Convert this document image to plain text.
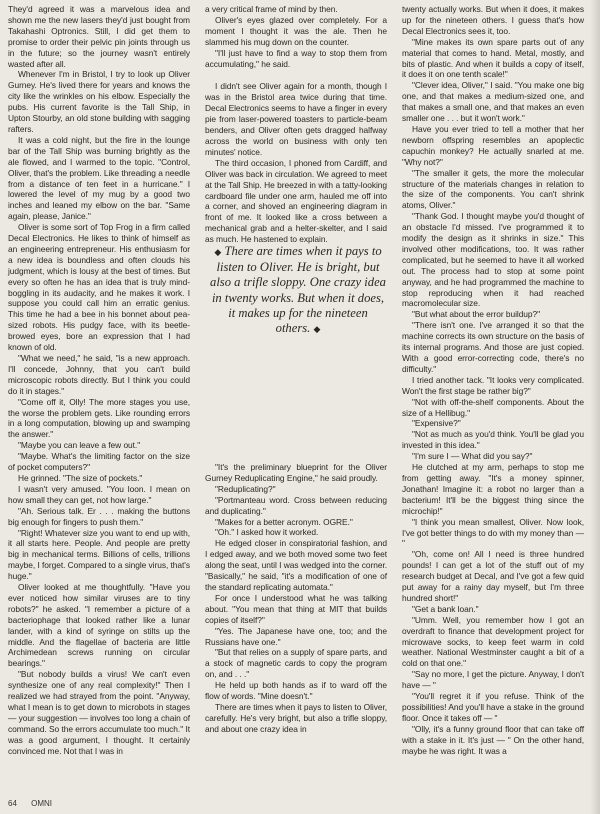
They'd agreed it was a marvelous idea and shown me the new lasers they'd just bought from Takahashi Optronics. Still, I did get them to promise to order their pelvic pin joints through us in the future; so the journey wasn't entirely wasted after all.

Whenever I'm in Bristol, I try to look up Oliver Gurney. He's lived there for years and knows the city like the wrinkles on his elbow. Especially the pubs. His current favorite is the Tall Ship, in Upton Stourby, an old stone building with sagging rafters.

It was a cold night, but the fire in the lounge bar of the Tall Ship was burning brightly as the ale flowed, and I warmed to the topic. "Control, Oliver, that's the problem. Like threading a needle from a distance of ten feet in a hurricane." I lowered the level of my mug by a good two inches and leaned my elbow on the bar. "Same again, please, Janice."

Oliver is some sort of Top Frog in a firm called Decal Electronics. He likes to think of himself as an engineering entrepreneur. His enthusiasm for a new idea is boundless and often clouds his judgment, which is lousy at the best of times. But every so often he has an idea that is truly mind-boggling in its audacity, and he makes it work. I suppose you could call him an erratic genius. This time he had a bee in his bonnet about pea-sized robots. His pudgy face, with its beetle-browed eyes, bore an expression that I had known of old.

"What we need," he said, "is a new approach. I'll concede, Johnny, that you can't build microscopic robots directly. But I think you could do it in stages."

"Come off it, Olly! The more stages you use, the worse the problem gets. Like rounding errors in a long computation, blowing up and swamping the answer."

"Maybe you can leave a few out."

"Maybe. What's the limiting factor on the size of pocket computers?"

He grinned. "The size of pockets."

I wasn't very amused. "You loon. I mean on how small they can get, not how large."

"Ah. Serious talk. Er . . . making the buttons big enough for fingers to push them."

"Right! Whatever size you want to end up with, it all starts here. People. And people are pretty big in mechanical terms. Billions of cells, trillions maybe, I forget. Compared to a single virus, that's huge."

Oliver looked at me thoughtfully. "Have you ever noticed how similar viruses are to tiny robots?" he asked. "I remember a picture of a bacteriophage that looked rather like a lunar lander, with a kind of syringe on stilts up the middle. And the flagellae of bacteria are little Archimedean screws running on circular bearings."

"But nobody builds a virus! We can't even synthesize one of any real complexity!" Then I realized we had strayed from the point. "Anyway, what I mean is to get down to microbots in stages — your suggestion — involves too long a chain of command. So the errors accumulate too much." It was a good argument, I thought. It certainly convinced me. Not that I was in

a very critical frame of mind by then.

Oliver's eyes glazed over completely. For a moment I thought it was the ale. Then he slammed his mug down on the counter.

"I'll just have to find a way to stop them from accumulating," he said.

I didn't see Oliver again for a month, though I was in the Bristol area twice during that time. Decal Electronics seems to have a finger in every pie from laser-powered toasters to particle-beam benders, and Oliver often gets dragged halfway across the world on business with only ten minutes' notice.

The third occasion, I phoned from Cardiff, and Oliver was back in circulation. We agreed to meet at the Tall Ship. He breezed in with a tatty-looking cardboard file under one arm, hauled me off into a corner, and shoved an engineering diagram in front of me. It looked like a cross between a mechanical grab and a helter-skelter, and I said as much. He hastened to explain.

◆ There are times when it pays to listen to Oliver. He is bright, but also a trifle sloppy. One crazy idea in twenty works. But when it does, it makes up for the nineteen others. ◆

"It's the preliminary blueprint for the Oliver Gurney Reduplicating Engine," he said proudly.

"Reduplicating?"

"Portmanteau word. Cross between reducing and duplicating."

"Makes for a better acronym. OGRE."

"Oh." I asked how it worked.

He edged closer in conspiratorial fashion, and I edged away, and we both moved some two feet along the seat, until I was wedged into the corner. "Basically," he said, "it's a modification of one of the standard replicating automata."

For once I understood what he was talking about. "You mean that thing at MIT that builds copies of itself?"

"Yes. The Japanese have one, too; and the Russians have one."

"But that relies on a supply of spare parts, and a stock of magnetic cards to copy the program on, and . . ."

He held up both hands as if to ward off the flow of words. "Mine doesn't."

There are times when it pays to listen to Oliver, carefully. He's very bright, but also a trifle sloppy, and about one crazy idea in

twenty actually works. But when it does, it makes up for the nineteen others. I guess that's how Decal Electronics sees it, too.

"Mine makes its own spare parts out of any material that comes to hand. Metal, mostly, and bits of plastic. And when it builds a copy of itself, it does it on one tenth scale!"

"Clever idea, Oliver," I said. "You make one big one, and that makes a medium-sized one, and that makes a small one, and that makes an even smaller one . . . but it won't work."

Have you ever tried to tell a mother that her newborn offspring resembles an apoplectic capuchin monkey? He actually snarled at me. "Why not?"

"The smaller it gets, the more the molecular structure of the materials changes in relation to the size of the components. You can't shrink atoms, Oliver."

"Thank God. I thought maybe you'd thought of an obstacle I'd missed. I've programmed it to modify the design as it shrinks in size." This involved other modifications, too. It was rather complicated, but he seemed to have it all worked out. The process had to stop at some point anyway, and he had programmed the machine to stop reproducing when it had reached macromolecular size.

"But what about the error buildup?"

"There isn't one. I've arranged it so that the machine corrects its own structure on the basis of its internal programs. And those are just copied. With a good error-correcting code, there's no difficulty."

I tried another tack. "It looks very complicated. Won't the first stage be rather big?"

"Not with off-the-shelf components. About the size of a Hellibug."

"Expensive?"

"Not as much as you'd think. You'll be glad you invested in this idea."

"I'm sure I — What did you say?"

He clutched at my arm, perhaps to stop me from getting away. "It's a money spinner, Jonathan! Imagine it: a robot no larger than a bacterium! It'll be the biggest thing since the microchip!"

"I think you mean smallest, Oliver. Now look, I've got better things to do with my money than — "

"Oh, come on! All I need is three hundred pounds! I can get a lot of the stuff out of my research budget at Decal, and I've got a few quid put away for a rainy day myself, but I'm three hundred short!"

"Get a bank loan."

"Umm. Well, you remember how I got an overdraft to finance that development project for microwave socks, to keep feet warm in cold weather. National Westminster caught a bit of a cold on that one."

"Say no more, I get the picture. Anyway, I don't have — "

"You'll regret it if you refuse. Think of the possibilities! And you'll have a stake in the ground floor. Once it takes off — "

"Olly, it's a funny ground floor that can take off with a stake in it. It's just — " On the other hand, maybe he was right. It was a

64 OMNI
